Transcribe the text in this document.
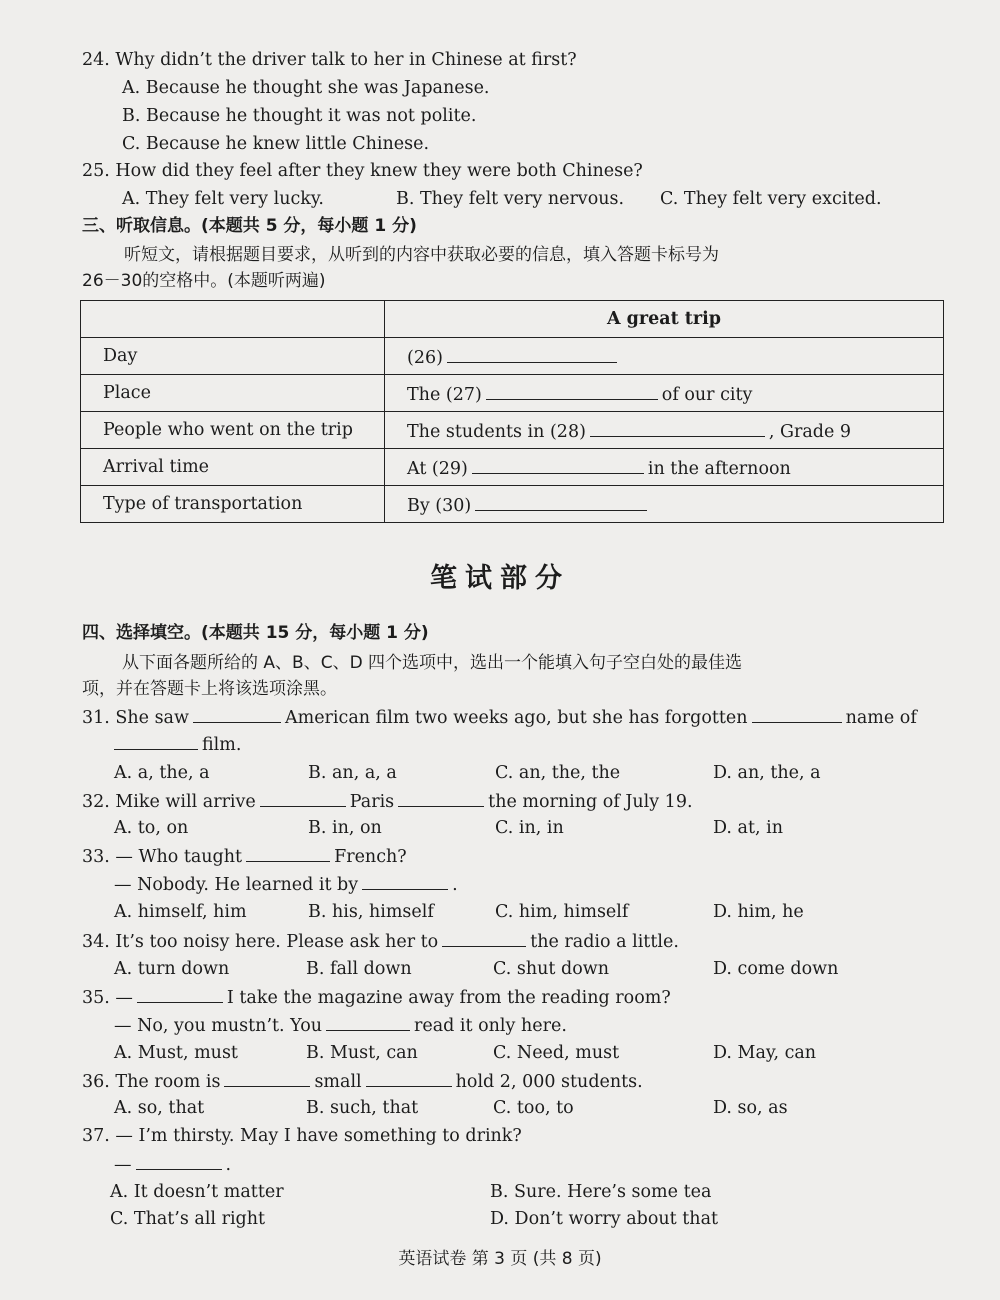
24. Why didn’t the driver talk to her in Chinese at first?
A. Because he thought she was Japanese.
B. Because he thought it was not polite.
C. Because he knew little Chinese.
25. How did they feel after they knew they were both Chinese?
A. They felt very lucky.	B. They felt very nervous. C. They felt very excited.
三、听取信息。(本题共 5 分，每小题 1 分)
听短文，请根据题目要求，从听到的内容中获取必要的信息，填入答题卡标号为
26－30的空格中。(本题听两遍)
	A great trip
Day	(26)
Place	The (27) of our city
People who went on the trip	The students in (28) , Grade 9
Arrival time	At (29) in the afternoon
Type of transportation	By (30)
笔试部分
四、选择填空。(本题共 15 分，每小题 1 分)
从下面各题所给的 A、B、C、D 四个选项中，选出一个能填入句子空白处的最佳选
项，并在答题卡上将该选项涂黑。
31. She saw	American film two weeks ago, but she has forgotten	name of
film.
A. a, the, a	B. an, a, a	C. an, the, the	D. an, the, a
32. Mike will arrive	Paris	the morning of July 19.
A. to, on	B. in, on	C. in, in	D. at, in
33. — Who taught	French?
— Nobody. He learned it by	.
A. himself, him	B. his, himself	C. him, himself	D. him, he
34. It’s too noisy here. Please ask her to	the radio a little.
A. turn down	B. fall down	C. shut down	D. come down
35. —	I take the magazine away from the reading room?
— No, you mustn’t. You	read it only here.
A. Must, must	B. Must, can	C. Need, must	D. May, can
36. The room is	small	hold 2, 000 students.
A. so, that	B. such, that	C. too, to	D. so, as
37. — I’m thirsty. May I have something to drink?
—	.
A. It doesn’t matter	B. Sure. Here’s some tea
C. That’s all right	D. Don’t worry about that
英语试卷 第 3 页 (共 8 页)
